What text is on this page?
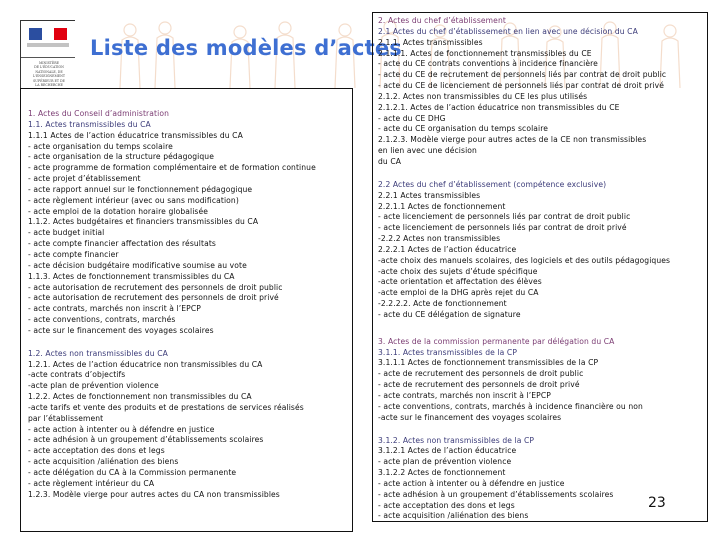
MINISTÈRE
DE L'ÉDUCATION
NATIONALE, DE
L'ENSEIGNEMENT
SUPÉRIEUR ET DE
LA RECHERCHE
Liste des modèles d’actes
1. Actes du Conseil d’administration
1.1. Actes transmissibles du CA
1.1.1 Actes de l’action éducatrice transmissibles du CA
- acte organisation du temps scolaire
- acte organisation de la structure pédagogique
- acte programme de formation complémentaire et de formation continue
- acte projet d’établissement
- acte rapport annuel sur le fonctionnement pédagogique
- acte règlement intérieur (avec ou sans modification)
- acte emploi de la dotation horaire globalisée
1.1.2. Actes budgétaires et financiers transmissibles du CA
- acte budget initial
- acte compte financier affectation des résultats
- acte compte financier
- acte décision budgétaire modificative soumise au vote
1.1.3. Actes de fonctionnement transmissibles du CA
- acte autorisation de recrutement des personnels de droit public
- acte autorisation de recrutement des personnels de droit privé
- acte contrats, marchés non inscrit à l’EPCP
- acte conventions, contrats, marchés
- acte sur le financement des voyages scolaires
1.2. Actes non transmissibles du CA
1.2.1. Actes de l’action éducatrice non transmissibles du CA
-acte contrats d’objectifs
-acte plan de prévention violence
1.2.2. Actes de fonctionnement non transmissibles du CA
-acte tarifs et vente des produits et de prestations de services réalisés
par l’établissement
- acte action à intenter ou à défendre en justice
- acte adhésion à un groupement d’établissements scolaires
- acte acceptation des dons et legs
- acte acquisition /aliénation des biens
- acte délégation du CA à la Commission permanente
- acte règlement intérieur du CA
1.2.3. Modèle vierge pour autres actes du CA non transmissibles
2. Actes du chef d’établissement
2.1 Actes du chef d’établissement en lien avec une décision du CA
2.1.1. Actes transmissibles
2.1.1.1. Actes de fonctionnement transmissibles du CE
- acte du CE contrats conventions à incidence financière
- acte du CE de recrutement de personnels liés par contrat de droit public
- acte du CE de licenciement de personnels liés par contrat de droit privé
2.1.2. Actes non transmissibles du CE les plus utilisés
2.1.2.1. Actes de l’action éducatrice non transmissibles du CE
- acte du CE DHG
- acte du CE organisation du temps scolaire
2.1.2.3. Modèle vierge pour autres actes de la CE non transmissibles
en lien avec une décision
du CA
2.2 Actes du chef d’établissement (compétence exclusive)
2.2.1 Actes transmissibles
2.2.1.1 Actes de fonctionnement
- acte licenciement de personnels liés par contrat de droit public
- acte licenciement de personnels liés par contrat de droit privé
-2.2.2 Actes non transmissibles
2.2.2.1 Actes de l’action éducatrice
-acte choix des manuels scolaires, des logiciels et des outils pédagogiques
-acte choix des sujets d’étude spécifique
-acte orientation et affectation des élèves
-acte emploi de la DHG après rejet du CA
-2.2.2.2. Acte de fonctionnement
- acte du CE délégation de signature
3. Actes de la commission permanente par délégation du CA
3.1.1. Actes transmissibles de la CP
3.1.1.1 Actes de fonctionnement transmissibles de la CP
- acte de recrutement des personnels de droit public
- acte de recrutement des personnels de droit privé
- acte contrats, marchés non inscrit à l’EPCP
- acte conventions, contrats, marchés à incidence financière ou non
-acte sur le financement des voyages scolaires
3.1.2. Actes non transmissibles de la CP
3.1.2.1 Actes de l’action éducatrice
- acte plan de prévention violence
3.1.2.2 Actes de fonctionnement
- acte action à intenter ou à défendre en justice
- acte adhésion à un groupement d’établissements scolaires
- acte acceptation des dons et legs
- acte acquisition /aliénation des biens
23
